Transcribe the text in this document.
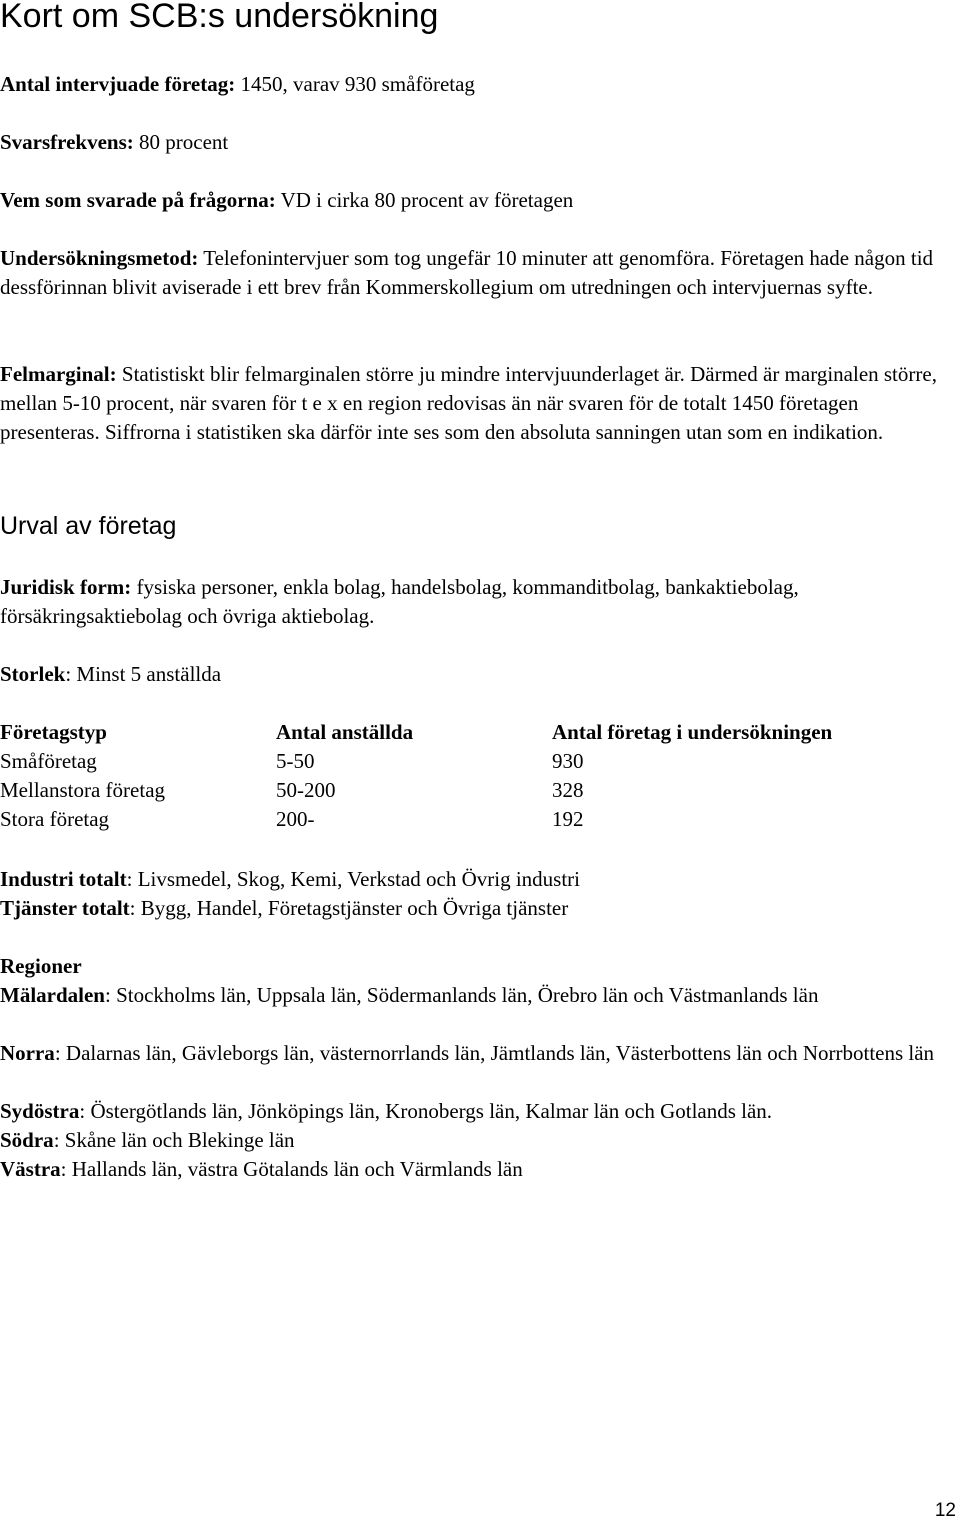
Kort om SCB:s undersökning

Antal intervjuade företag: 1450, varav 930 småföretag

Svarsfrekvens: 80 procent

Vem som svarade på frågorna: VD i cirka 80 procent av företagen

Undersökningsmetod: Telefonintervjuer som tog ungefär 10 minuter att genomföra. Företagen hade någon tid dessförinnan blivit aviserade i ett brev från Kommerskollegium om utredningen och intervjuernas syfte.

Felmarginal: Statistiskt blir felmarginalen större ju mindre intervjuunderlaget är. Därmed är marginalen större, mellan 5-10 procent, när svaren för t e x en region redovisas än när svaren för de totalt 1450 företagen presenteras. Siffrorna i statistiken ska därför inte ses som den absoluta sanningen utan som en indikation.

Urval av företag

Juridisk form: fysiska personer, enkla bolag, handelsbolag, kommanditbolag, bankaktiebolag, försäkringsaktiebolag och övriga aktiebolag.

Storlek: Minst 5 anställda

Företagstyp	Antal anställda	Antal företag i undersökningen
Småföretag	5-50	930
Mellanstora företag	50-200	328
Stora företag	200-	192

Industri totalt: Livsmedel, Skog, Kemi, Verkstad och Övrig industri

Tjänster totalt: Bygg, Handel, Företagstjänster och Övriga tjänster

Regioner

Mälardalen: Stockholms län, Uppsala län, Södermanlands län, Örebro län och Västmanlands län

Norra: Dalarnas län, Gävleborgs län, västernorrlands län, Jämtlands län, Västerbottens län och Norrbottens län

Sydöstra: Östergötlands län, Jönköpings län, Kronobergs län, Kalmar län och Gotlands län.

Södra: Skåne län och Blekinge län

Västra: Hallands län, västra Götalands län och Värmlands län

12
